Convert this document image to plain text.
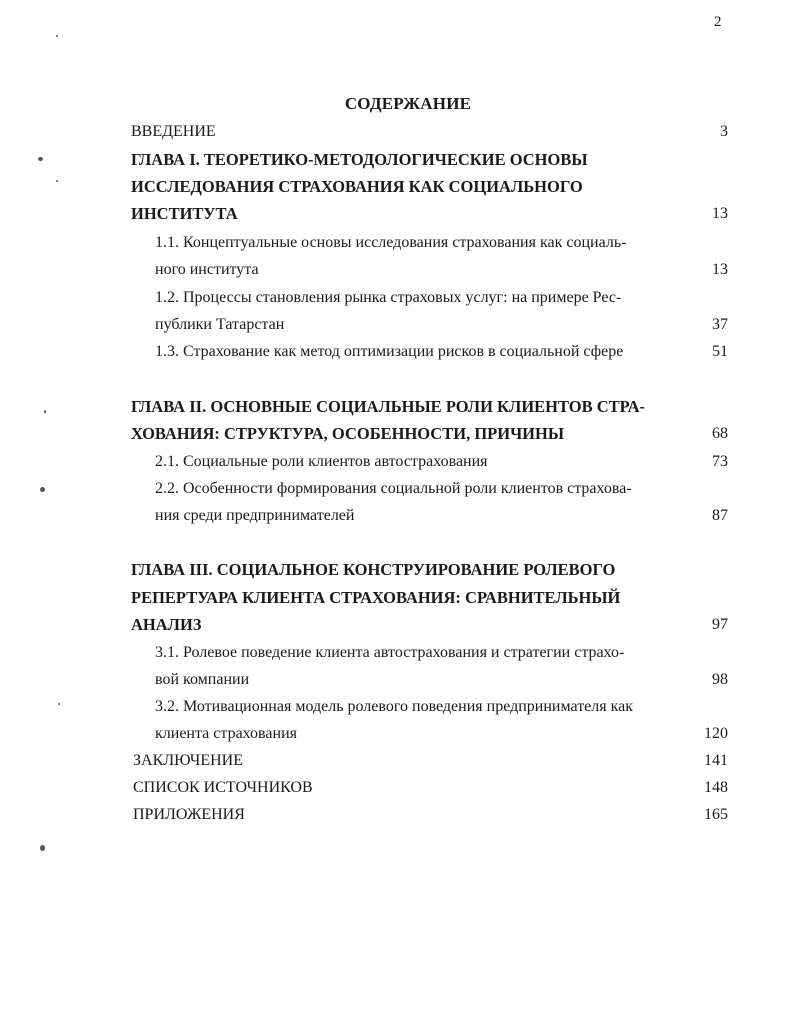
2
СОДЕРЖАНИЕ
ВВЕДЕНИЕ	3
ГЛАВА I. ТЕОРЕТИКО-МЕТОДОЛОГИЧЕСКИЕ ОСНОВЫ
ИССЛЕДОВАНИЯ СТРАХОВАНИЯ КАК СОЦИАЛЬНОГО
ИНСТИТУТА	13
1.1. Концептуальные основы исследования страхования как социаль-
ного института	13
1.2. Процессы становления рынка страховых услуг: на примере Рес-
публики Татарстан	37
1.3. Страхование как метод оптимизации рисков в социальной сфере	51
ГЛАВА II. ОСНОВНЫЕ СОЦИАЛЬНЫЕ РОЛИ КЛИЕНТОВ СТРА-
ХОВАНИЯ: СТРУКТУРА, ОСОБЕННОСТИ, ПРИЧИНЫ	68
2.1. Социальные роли клиентов автострахования	73
2.2. Особенности формирования социальной роли клиентов страхова-
ния среди предпринимателей	87
ГЛАВА III. СОЦИАЛЬНОЕ КОНСТРУИРОВАНИЕ РОЛЕВОГО
РЕПЕРТУАРА КЛИЕНТА СТРАХОВАНИЯ: СРАВНИТЕЛЬНЫЙ
АНАЛИЗ	97
3.1. Ролевое поведение клиента автострахования и стратегии страхо-
вой компании	98
3.2. Мотивационная модель ролевого поведения предпринимателя как
клиента страхования	120
ЗАКЛЮЧЕНИЕ	141
СПИСОК ИСТОЧНИКОВ	148
ПРИЛОЖЕНИЯ	165
